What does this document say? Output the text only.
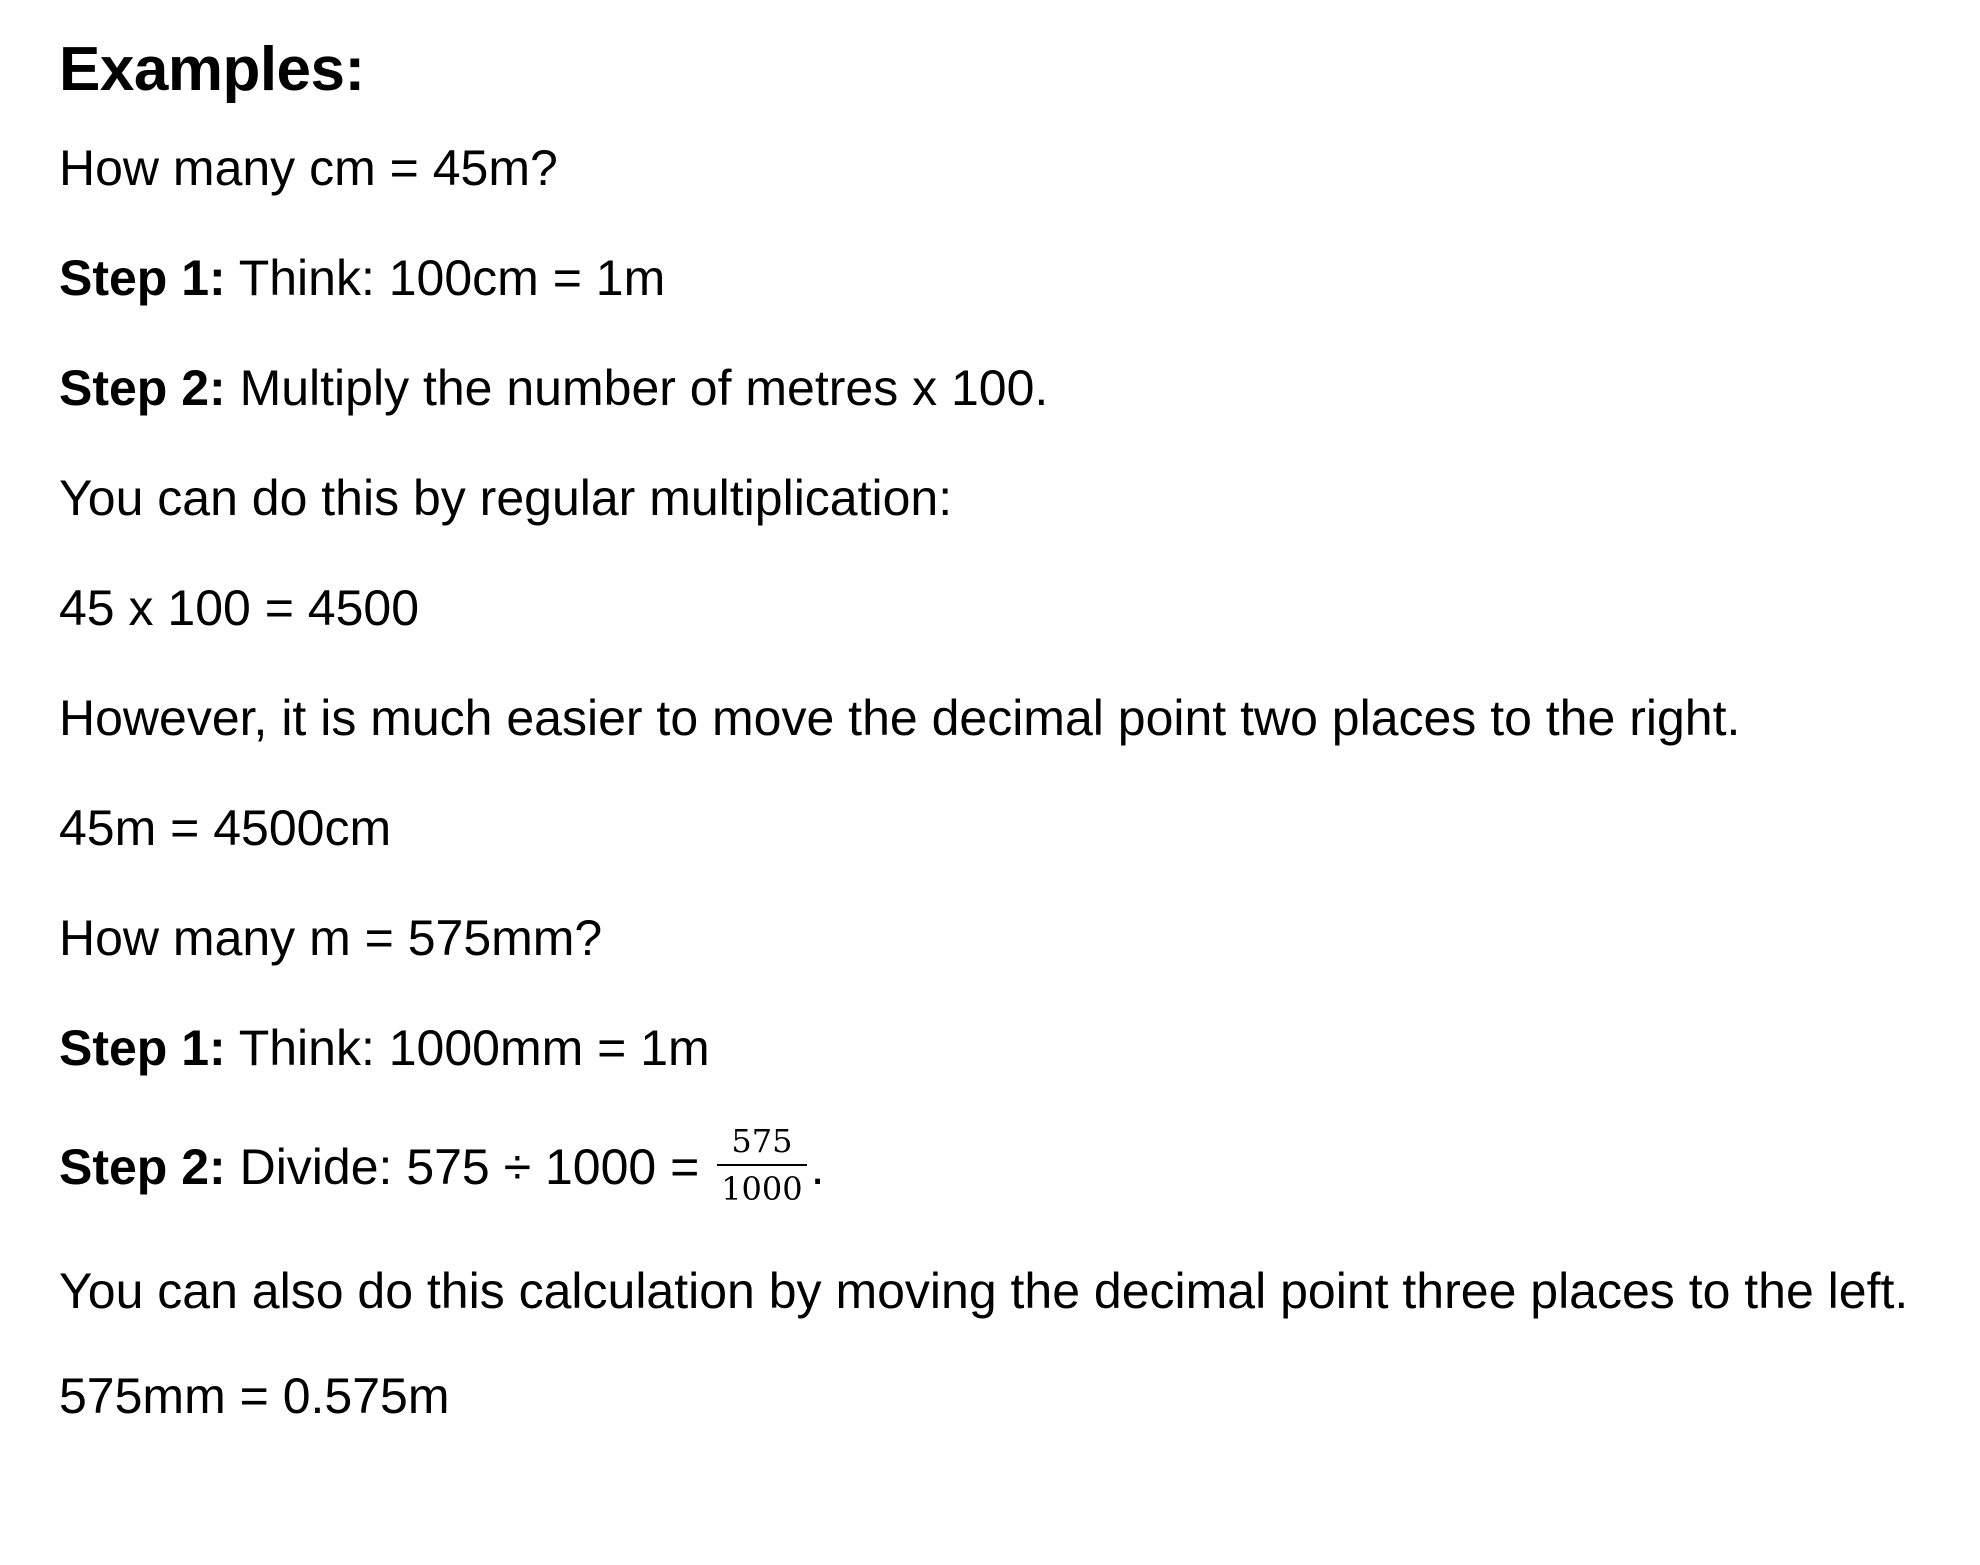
Examples:
How many cm = 45m?
Step 1: Think: 100cm = 1m
Step 2: Multiply the number of metres x 100.
You can do this by regular multiplication:
45 x 100 = 4500
However, it is much easier to move the decimal point two places to the right.
45m = 4500cm
How many m = 575mm?
Step 1: Think: 1000mm = 1m
Step 2: Divide: $575 \div 1000 = \frac{575}{1000}$ .
You can also do this calculation by moving the decimal point three places to the left.
575mm = 0.575m
